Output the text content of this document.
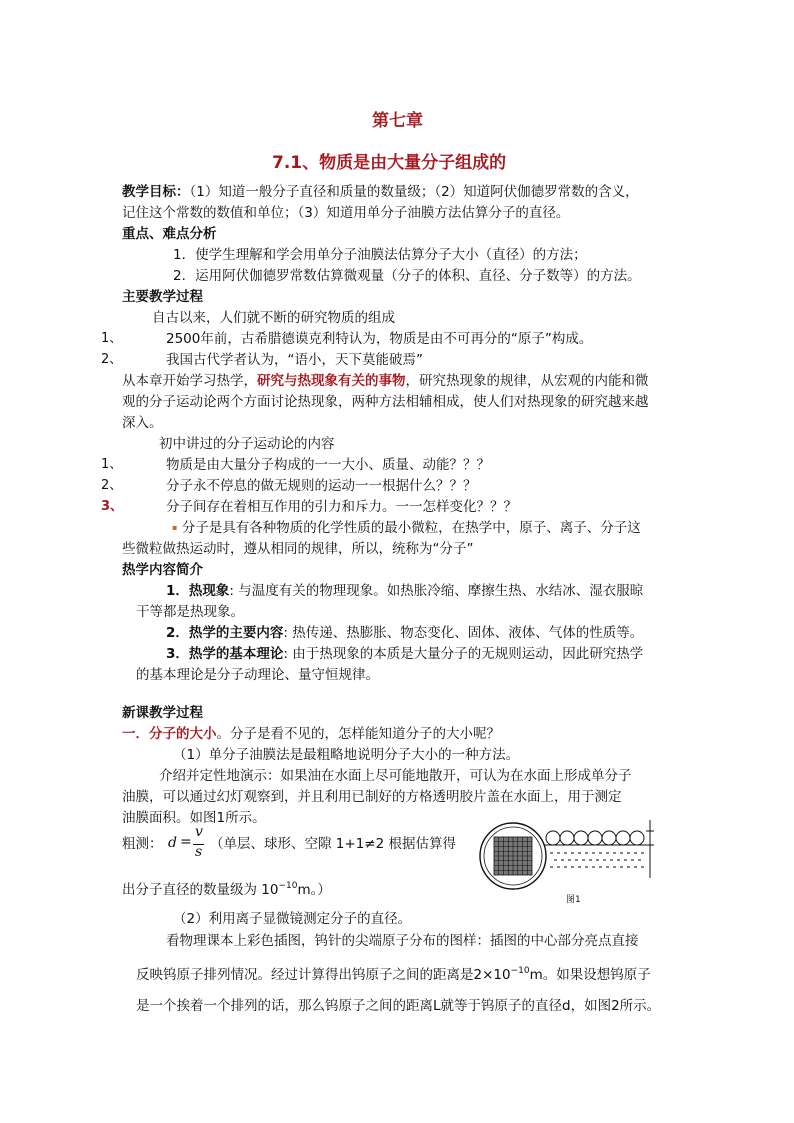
第七章
7.1、物质是由大量分子组成的
教学目标：（1）知道一般分子直径和质量的数量级；（2）知道阿伏伽德罗常数的含义，
记住这个常数的数值和单位；（3）知道用单分子油膜方法估算分子的直径。
重点、难点分析
1．使学生理解和学会用单分子油膜法估算分子大小（直径）的方法；
2．运用阿伏伽德罗常数估算微观量（分子的体积、直径、分子数等）的方法。
主要教学过程
自古以来，人们就不断的研究物质的组成
1、	2500年前，古希腊德谟克利特认为，物质是由不可再分的“原子”构成。
2、	我国古代学者认为，“语小，天下莫能破焉”
从本章开始学习热学，研究与热现象有关的事物，研究热现象的规律，从宏观的内能和微
观的分子运动论两个方面讨论热现象，两种方法相辅相成，使人们对热现象的研究越来越
深入。
初中讲过的分子运动论的内容
1、	物质是由大量分子构成的一一大小、质量、动能？？？
2、	分子永不停息的做无规则的运动一一根据什么？？？
3、	分子间存在着相互作用的引力和斥力。一一怎样变化？？？
▪ 分子是具有各种物质的化学性质的最小微粒，在热学中，原子、离子、分子这
些微粒做热运动时，遵从相同的规律，所以，统称为“分子”
热学内容简介
1．热现象: 与温度有关的物理现象。如热胀冷缩、摩擦生热、水结冰、湿衣服晾
干等都是热现象。
2．热学的主要内容: 热传递、热膨胀、物态变化、固体、液体、气体的性质等。
3．热学的基本理论: 由于热现象的本质是大量分子的无规则运动，因此研究热学
的基本理论是分子动理论、量守恒规律。
新课教学过程
一．分子的大小。分子是看不见的，怎样能知道分子的大小呢？
（1）单分子油膜法是最粗略地说明分子大小的一种方法。
介绍并定性地演示：如果油在水面上尽可能地散开，可认为在水面上形成单分子
油膜，可以通过幻灯观察到，并且利用已制好的方格透明胶片盖在水面上，用于测定
油膜面积。如图1所示。
粗测： d =
v
s （单层、球形、空隙 1+1≠2 根据估算得
出分子直径的数量级为 $10^{-10}m$。）
图1
（2）利用离子显微镜测定分子的直径。
看物理课本上彩色插图，钨针的尖端原子分布的图样：插图的中心部分亮点直接
反映钨原子排列情况。经过计算得出钨原子之间的距离是$2\times 10^{-10}m$。如果设想钨原子
是一个挨着一个排列的话，那么钨原子之间的距离L就等于钨原子的直径d，如图2所示。
